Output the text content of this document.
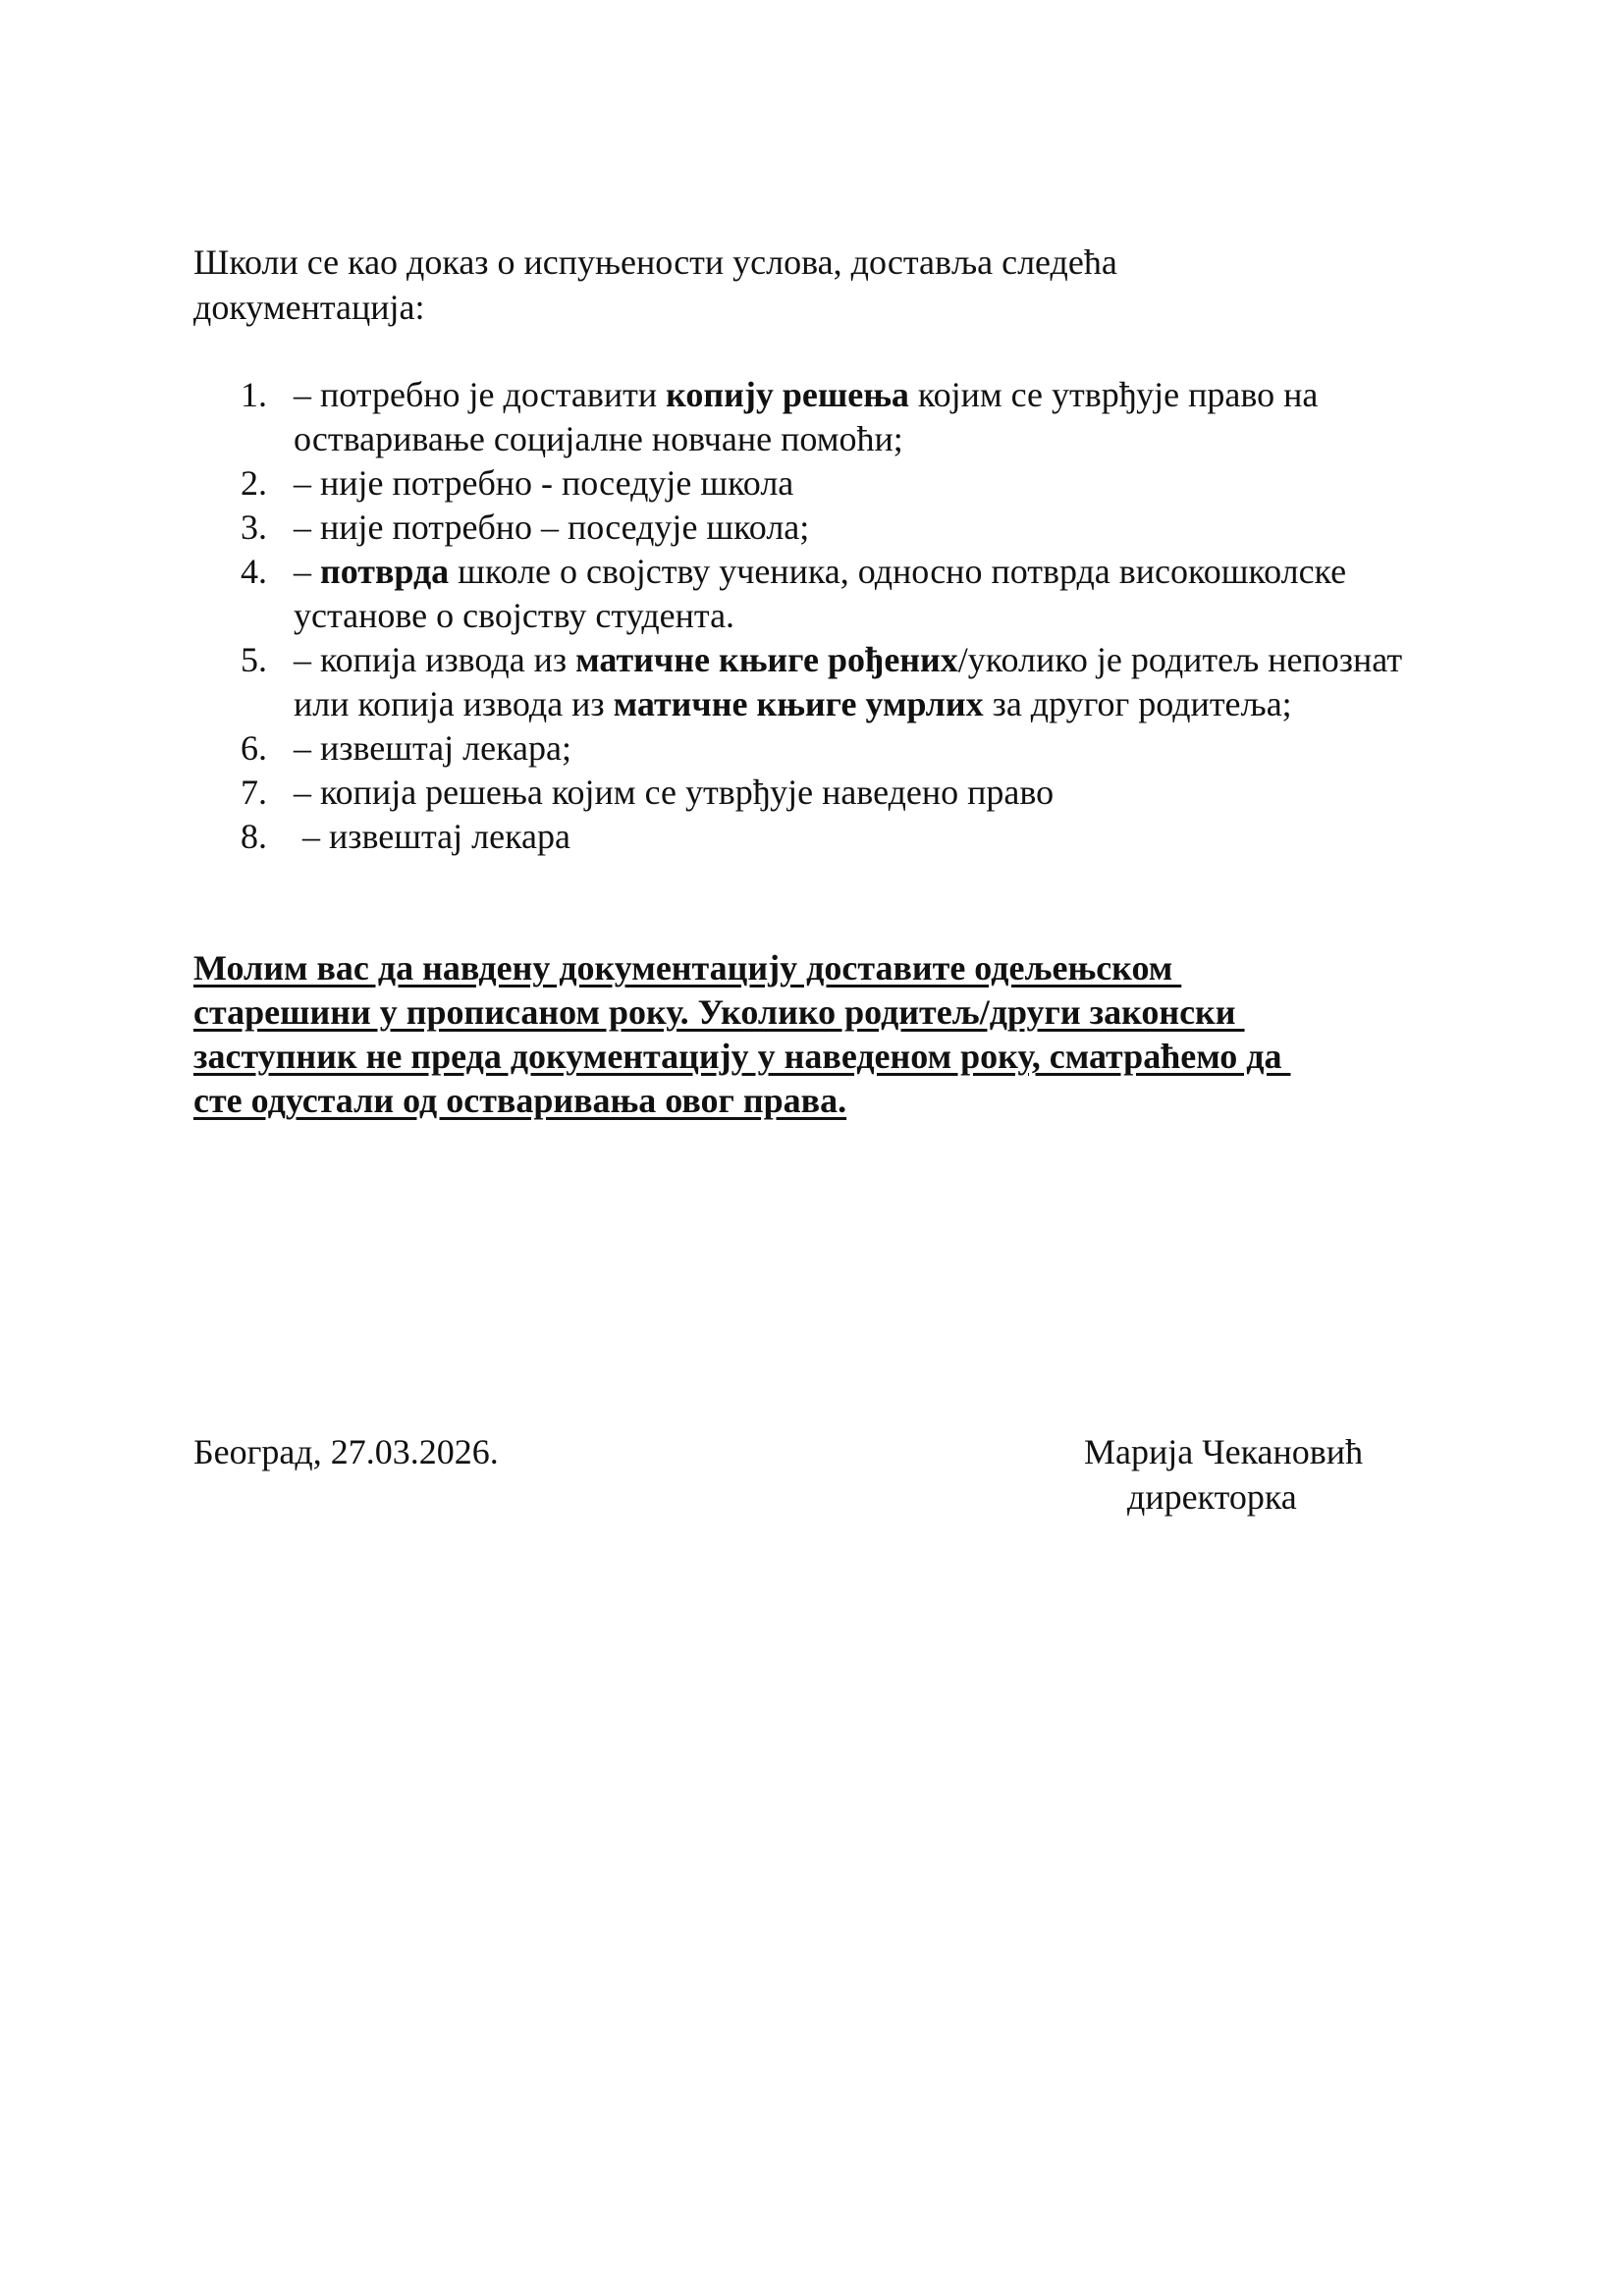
Школи се као доказ о испуњености услова, доставља следећа
документација:

1. – потребно је доставити копију решења којим се утврђује право на остваривање социјалне новчане помоћи;
2. – није потребно - поседује школа
3. – није потребно – поседује школа;
4. – потврда школе о својству ученика, односно потврда високошколске установе о својству студента.
5. – копија извода из матичне књиге рођених/уколико је родитељ непознат или копија извода из матичне књиге умрлих за другог родитеља;
6. – извештај лекара;
7. – копија решења којим се утврђује наведено право
8. – извештај лекара
Молим вас да навдену документацију доставите одељењском
старешини у прописаном року. Уколико родитељ/други законски
заступник не преда документацију у наведеном року, сматраћемо да
сте одустали од остваривања овог права.
Београд, 27.03.2026.	Марија Чекановић
директорка
